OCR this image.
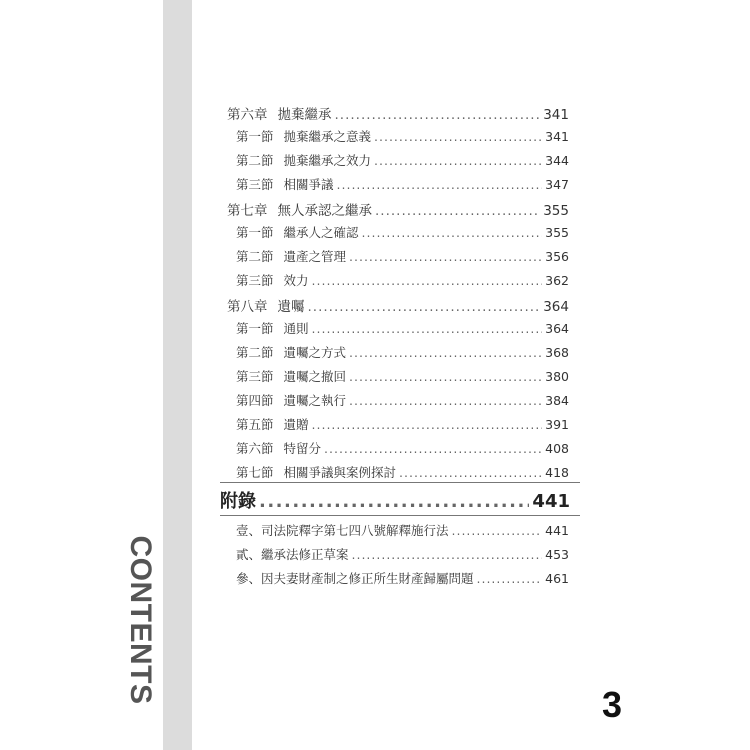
CONTENTS
第六章 拋棄繼承 .....	341
第一節 拋棄繼承之意義 .....	341
第二節 拋棄繼承之效力 .....	344
第三節 相關爭議 .....	347
第七章 無人承認之繼承 .....	355
第一節 繼承人之確認 .....	355
第二節 遺產之管理 .....	356
第三節 效力 .....	362
第八章 遺囑 .....	364
第一節 通則 .....	364
第二節 遺囑之方式 .....	368
第三節 遺囑之撤回 .....	380
第四節 遺囑之執行 .....	384
第五節 遺贈 .....	391
第六節 特留分 .....	408
第七節 相關爭議與案例探討 .....	418
附錄 .....	441
壹、司法院釋字第七四八號解釋施行法 .....	441
貳、繼承法修正草案 .....	453
參、因夫妻財產制之修正所生財產歸屬問題 .....	461
3
